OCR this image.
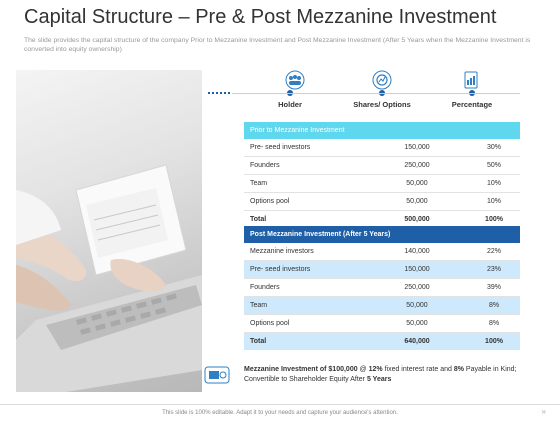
Capital Structure – Pre & Post Mezzanine Investment
The slide provides the capital structure of the company Prior to Mezzanine Investment and Post Mezzanine Investment (After 5 Years when the Mezzanine Investment is converted into equity ownership)
Holder	Shares/ Options	Percentage
Prior to Mezzanine Investment		
Pre- seed investors	150,000	30%
Founders	250,000	50%
Team	50,000	10%
Options pool	50,000	10%
Total	500,000	100%
Post Mezzanine Investment (After 5 Years)		
Mezzanine investors	140,000	22%
Pre- seed investors	150,000	23%
Founders	250,000	39%
Team	50,000	8%
Options pool	50,000	8%
Total	640,000	100%
Mezzanine Investment of $100,000 @ 12% fixed interest rate and 8% Payable in Kind; Convertible to Shareholder Equity After 5 Years
This slide is 100% editable. Adapt it to your needs and capture your audience's attention.	»
